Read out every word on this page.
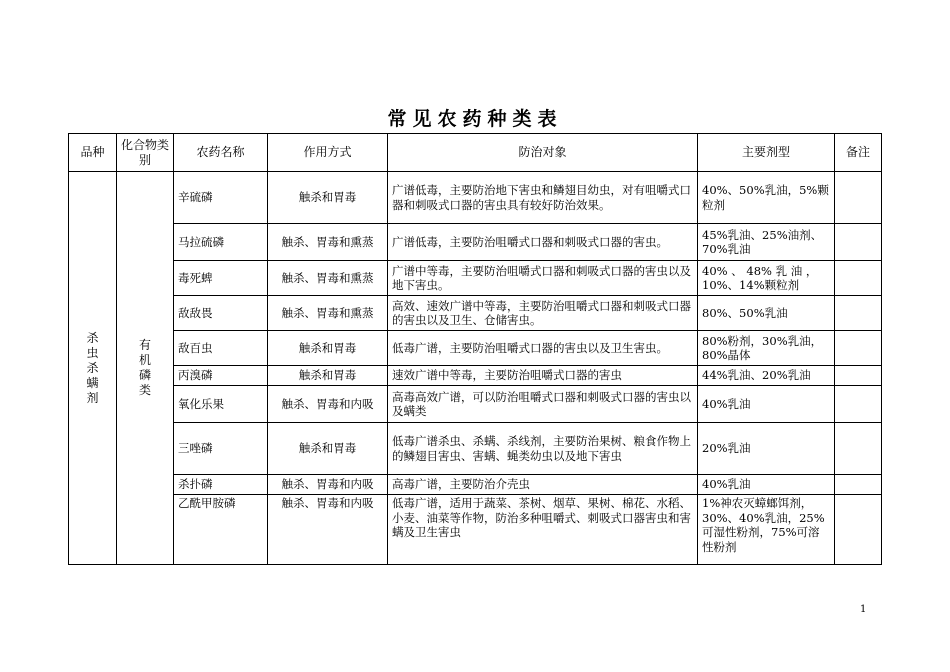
常见农药种类表
品种	化合物类别	农药名称	作用方式	防治对象	主要剂型	备注

杀虫杀螨剂	有机磷类	辛硫磷	触杀和胃毒	广谱低毒，主要防治地下害虫和鳞翅目幼虫，对有咀嚼式口器和刺吸式口器的害虫具有较好防治效果。	40%、50%乳油，5%颗粒剂	
		马拉硫磷	触杀、胃毒和熏蒸	广谱低毒，主要防治咀嚼式口器和刺吸式口器的害虫。	45%乳油、25%油剂、70%乳油	
		毒死蜱	触杀、胃毒和熏蒸	广谱中等毒，主要防治咀嚼式口器和刺吸式口器的害虫以及地下害虫。	40% 、 48% 乳 油 ，10%、14%颗粒剂	
		敌敌畏	触杀、胃毒和熏蒸	高效、速效广谱中等毒，主要防治咀嚼式口器和刺吸式口器的害虫以及卫生、仓储害虫。	80%、50%乳油	
		敌百虫	触杀和胃毒	低毒广谱，主要防治咀嚼式口器的害虫以及卫生害虫。	80%粉剂，30%乳油，80%晶体	
		丙溴磷	触杀和胃毒	速效广谱中等毒，主要防治咀嚼式口器的害虫	44%乳油、20%乳油	
		氧化乐果	触杀、胃毒和内吸	高毒高效广谱，可以防治咀嚼式口器和刺吸式口器的害虫以及螨类	40%乳油	
		三唑磷	触杀和胃毒	低毒广谱杀虫、杀螨、杀线剂，主要防治果树、粮食作物上的鳞翅目害虫、害螨、蝇类幼虫以及地下害虫	20%乳油	
		杀扑磷	触杀、胃毒和内吸	高毒广谱，主要防治介壳虫	40%乳油	
		乙酰甲胺磷	触杀、胃毒和内吸	低毒广谱，适用于蔬菜、茶树、烟草、果树、棉花、水稻、小麦、油菜等作物，防治多种咀嚼式、刺吸式口器害虫和害螨及卫生害虫	1%神农灭蟑螂饵剂，30%、40%乳油，25%可湿性粉剂，75%可溶性粉剂	
1
